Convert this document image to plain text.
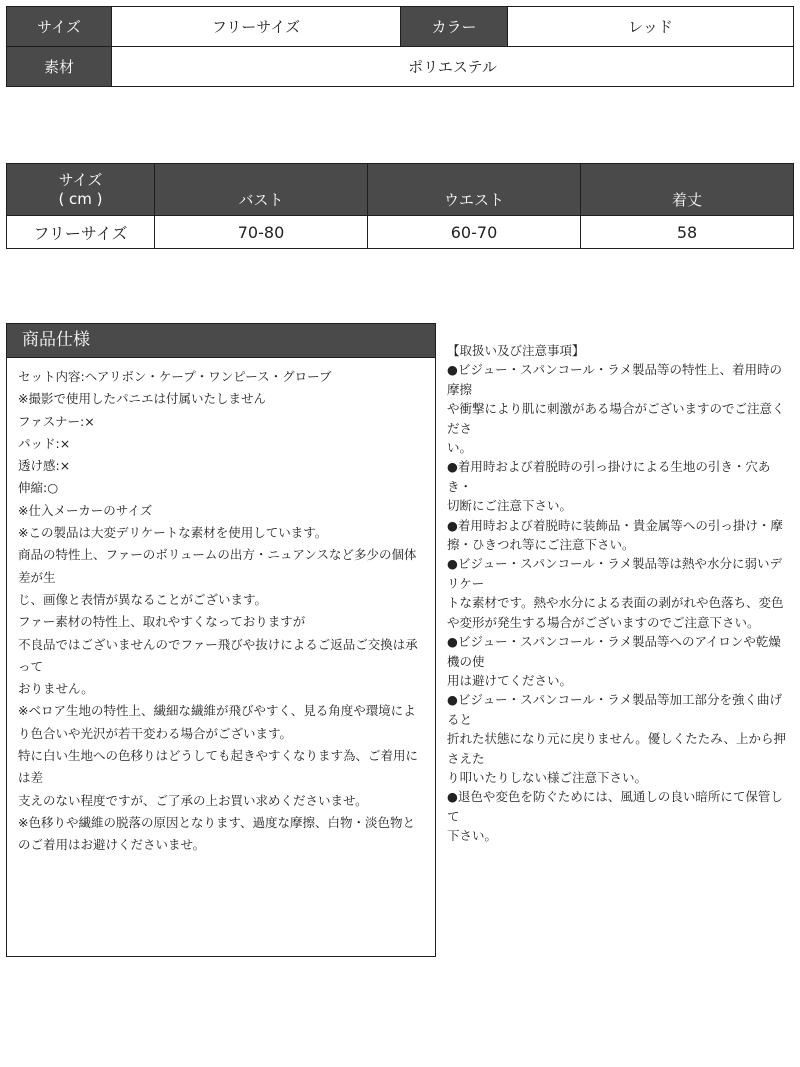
サイズ	フリーサイズ	カラー	レッド
素材	ポリエステル		
サイズ
( cm )	バスト	ウエスト	着丈
フリーサイズ	70-80	60-70	58
商品仕様

セット内容:ヘアリボン・ケープ・ワンピース・グローブ

※撮影で使用したパニエは付属いたしません

ファスナー:×

パッド:×

透け感:×

伸縮:○

※仕入メーカーのサイズ

※この製品は大変デリケートな素材を使用しています。

商品の特性上、ファーのボリュームの出方・ニュアンスなど多少の個体差が生

じ、画像と表情が異なることがございます。

ファー素材の特性上、取れやすくなっておりますが

不良品ではございませんのでファー飛びや抜けによるご返品ご交換は承って

おりません。

※ベロア生地の特性上、繊細な繊維が飛びやすく、見る角度や環境によ

り色合いや光沢が若干変わる場合がございます。

特に白い生地への色移りはどうしても起きやすくなります為、ご着用には差

支えのない程度ですが、ご了承の上お買い求めくださいませ。

※色移りや繊維の脱落の原因となります、過度な摩擦、白物・淡色物と

のご着用はお避けくださいませ。

【取扱い及び注意事項】

●ビジュー・スパンコール・ラメ製品等の特性上、着用時の摩擦

や衝撃により肌に刺激がある場合がございますのでご注意くださ

い。

●着用時および着脱時の引っ掛けによる生地の引き・穴あき・

切断にご注意下さい。

●着用時および着脱時に装飾品・貴金属等への引っ掛け・摩

擦・ひきつれ等にご注意下さい。

●ビジュー・スパンコール・ラメ製品等は熱や水分に弱いデリケー

トな素材です。熱や水分による表面の剥がれや色落ち、変色

や変形が発生する場合がございますのでご注意下さい。

●ビジュー・スパンコール・ラメ製品等へのアイロンや乾燥機の使

用は避けてください。

●ビジュー・スパンコール・ラメ製品等加工部分を強く曲げると

折れた状態になり元に戻りません。優しくたたみ、上から押さえた

り叩いたりしない様ご注意下さい。

●退色や変色を防ぐためには、風通しの良い暗所にて保管して

下さい。
